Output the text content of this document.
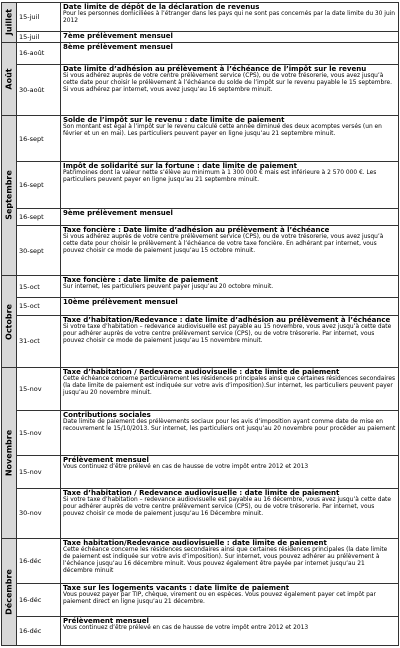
Juillet	15-juil	Date limite de dépôt de la déclaration de revenus
Pour les personnes domiciliées à l’étranger dans les pays qui ne sont pas concernés par la date limite du 30 juin 2012

	15-juil	7ème prélèvement mensuel

Août	16-août	8ème prélèvement mensuel

	30-août	Date limite d’adhésion au prélèvement à l’échéance de l’impôt sur le revenu
Si vous adhérez auprès de votre centre prélèvement service (CPS), ou de votre trésorerie, vous avez jusqu’à cette date pour choisir le prélèvement à l’échéance du solde de l’impôt sur le revenu payable le 15 septembre. Si vous adhérez par internet, vous avez jusqu’au 16 septembre minuit.

Septembre	16-sept	Solde de l’impôt sur le revenu : date limite de paiement
Son montant est égal à l’impôt sur le revenu calculé cette année diminué des deux acomptes versés (un en février et un en mai). Les particuliers peuvent payer en ligne jusqu’au 21 septembre minuit.

	16-sept	Impôt de solidarité sur la fortune : date limite de paiement
Patrimoines dont la valeur nette s’élève au minimum à 1 300 000 € mais est inférieure à 2 570 000 €. Les particuliers peuvent payer en ligne jusqu’au 21 septembre minuit.

	16-sept	9ème prélèvement mensuel

	30-sept	Taxe foncière : Date limite d’adhésion au prélèvement à l’échéance
Si vous adhérez auprès de votre centre prélèvement service (CPS), ou de votre trésorerie, vous avez jusqu’à cette date pour choisir le prélèvement à l’échéance de votre taxe foncière. En adhérant par internet, vous pouvez choisir ce mode de paiement jusqu’au 15 octobre minuit.

Octobre	15-oct	Taxe foncière : date limite de paiement
Sur internet, les particuliers peuvent payer jusqu’au 20 octobre minuit.

	15-oct	10ème prélèvement mensuel

	31-oct	Taxe d’habitation/Redevance : date limite d’adhésion au prélèvement à l’échéance
Si votre taxe d’habitation – redevance audiovisuelle est payable au 15 novembre, vous avez jusqu’à cette date pour adhérer auprès de votre centre prélèvement service (CPS), ou de votre trésorerie. Par internet, vous pouvez choisir ce mode de paiement jusqu’au 15 novembre minuit.

Novembre	15-nov	Taxe d’habitation / Redevance audiovisuelle : date limite de paiement
Cette échéance concerne particulièrement les résidences principales ainsi que certaines résidences secondaires (la date limite de paiement est indiquée sur votre avis d’imposition).Sur internet, les particuliers peuvent payer jusqu’au 20 novembre minuit.

	15-nov	Contributions sociales
Date limite de paiement des prélèvements sociaux pour les avis d’imposition ayant comme date de mise en recouvrement le 15/10/2013. Sur internet, les particuliers ont jusqu’au 20 novembre pour procéder au paiement

	15-nov	Prélèvement mensuel
Vous continuez d’être prélevé en cas de hausse de votre impôt entre 2012 et 2013

	30-nov	Taxe d’habitation / Redevance audiovisuelle : date limite de paiement
Si votre taxe d’habitation – redevance audiovisuelle est payable au 16 décembre, vous avez jusqu’à cette date pour adhérer auprès de votre centre prélèvement service (CPS), ou de votre trésorerie. Par internet, vous pouvez choisir ce mode de paiement jusqu’au 16 Décembre minuit.

Décembre	16-déc	Taxe habitation/Redevance audiovisuelle : date limite de paiement
Cette échéance concerne les résidences secondaires ainsi que certaines résidences principales (la date limite de paiement est indiquée sur votre avis d’imposition). Sur internet, vous pouvez adhérer au prélèvement à l’échéance jusqu’au 16 décembre minuit. Vous pouvez également être payée par internet jusqu’au 21 décembre minuit

	16-déc	Taxe sur les logements vacants : date limite de paiement
Vous pouvez payer par TIP, chèque, virement ou en espèces. Vous pouvez également payer cet impôt par paiement direct en ligne jusqu’au 21 décembre.

	16-déc	Prélèvement mensuel
Vous continuez d’être prélevé en cas de hausse de votre impôt entre 2012 et 2013
